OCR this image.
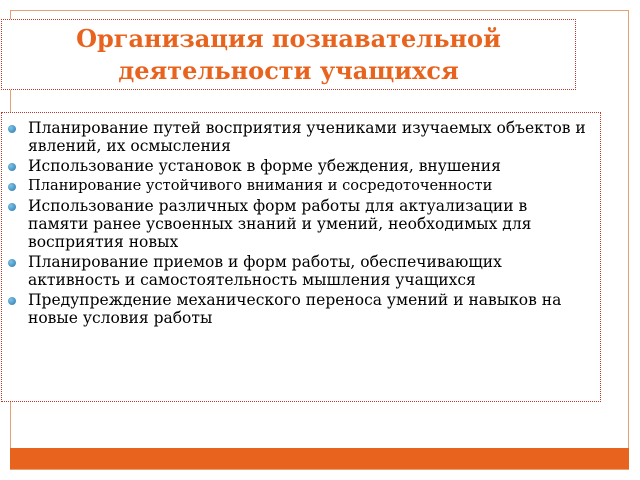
Организация познавательной
деятельности учащихся
Планирование путей восприятия учениками изучаемых объектов и явлений, их осмысления
Использование установок в форме убеждения, внушения
Планирование устойчивого внимания и сосредоточенности
Использование различных форм работы для актуализации в памяти ранее усвоенных знаний и умений, необходимых для восприятия новых
Планирование приемов и форм работы, обеспечивающих активность и самостоятельность мышления учащихся
Предупреждение механического переноса умений и навыков на новые условия работы
